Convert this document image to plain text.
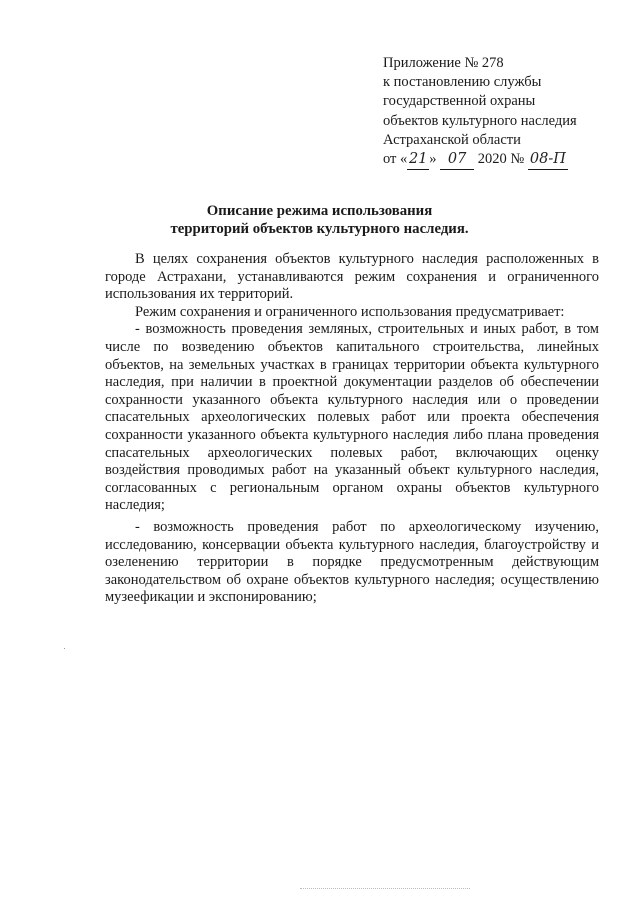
Приложение № 278
к постановлению службы
государственной охраны
объектов культурного наследия
Астраханской области
от « 21 » 07 2020 № 08-П
Описание режима использования
территорий объектов культурного наследия.

В целях сохранения объектов культурного наследия расположенных в городе Астрахани, устанавливаются режим сохранения и ограниченного использования их территорий.

Режим сохранения и ограниченного использования предусматривает:

- возможность проведения земляных, строительных и иных работ, в том числе по возведению объектов капитального строительства, линейных объектов, на земельных участках в границах территории объекта культурного наследия, при наличии в проектной документации разделов об обеспечении сохранности указанного объекта культурного наследия или о проведении спасательных археологических полевых работ или проекта обеспечения сохранности указанного объекта культурного наследия либо плана проведения спасательных археологических полевых работ, включающих оценку воздействия проводимых работ на указанный объект культурного наследия, согласованных с региональным органом охраны объектов культурного наследия;

- возможность проведения работ по археологическому изучению, исследованию, консервации объекта культурного наследия, благоустройству и озеленению территории в порядке предусмотренным действующим законодательством об охране объектов культурного наследия; осуществлению музеефикации и экспонированию;
